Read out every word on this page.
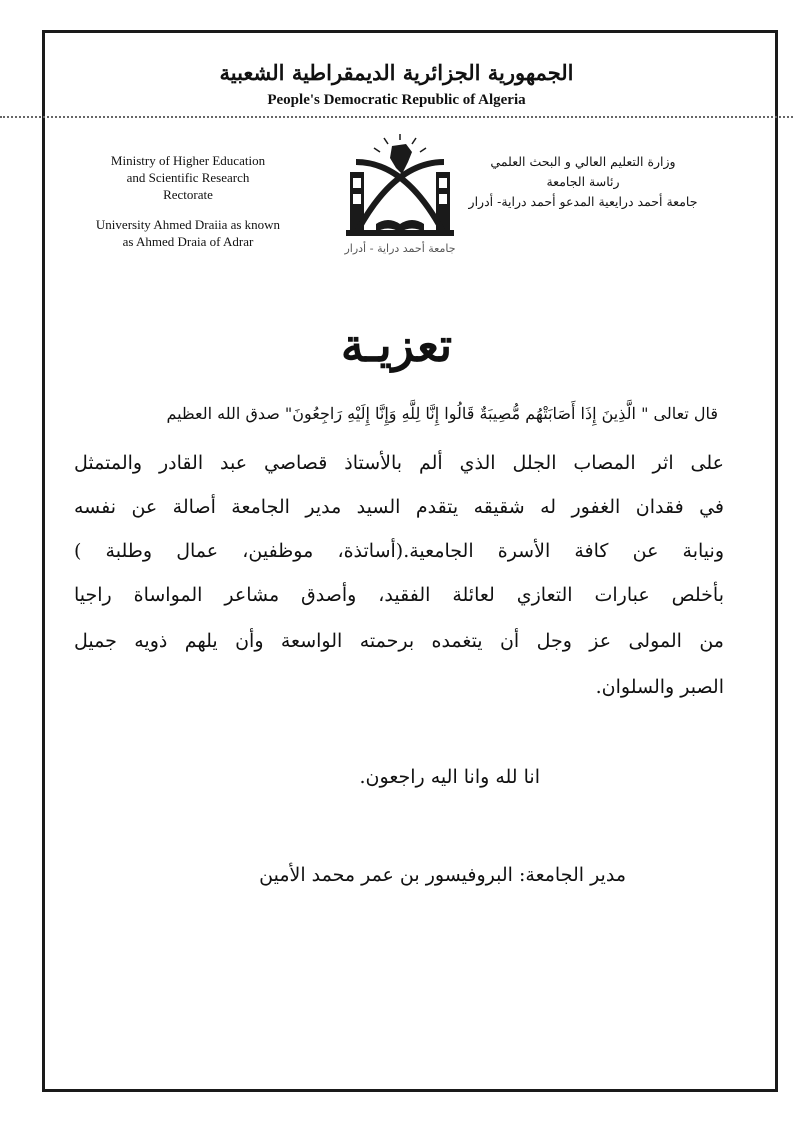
الجمهورية الجزائرية الديمقراطية الشعبية
People's Democratic Republic of Algeria
Ministry of Higher Education
and Scientific Research
Rectorate
University Ahmed Draiia as known
as Ahmed Draia of Adrar
وزارة التعليم العالي و البحث العلمي
رئاسة الجامعة
جامعة أحمد درايعية المدعو أحمد دراية- أدرار
جامعة أحمد دراية - أدرار
تعزيـة
قال تعالى " الَّذِينَ إِذَا أَصَابَتْهُم مُّصِيبَةٌ قَالُوا إِنَّا لِلَّهِ وَإِنَّا إِلَيْهِ رَاجِعُونَ" صدق الله العظيم
على اثر المصاب الجلل الذي ألم بالأستاذ قصاصي عبد القادر والمتمثل
في فقدان الغفور له شقيقه يتقدم السيد مدير الجامعة أصالة عن نفسه
ونيابة عن كافة الأسرة الجامعية.(أساتذة، موظفين، عمال وطلبة )
بأخلص عبارات التعازي لعائلة الفقيد، وأصدق مشاعر المواساة راجيا
من المولى عز وجل أن يتغمده برحمته الواسعة وأن يلهم ذويه جميل
الصبر والسلوان.
انا لله وانا اليه راجعون.
مدير الجامعة: البروفيسور بن عمر محمد الأمين
